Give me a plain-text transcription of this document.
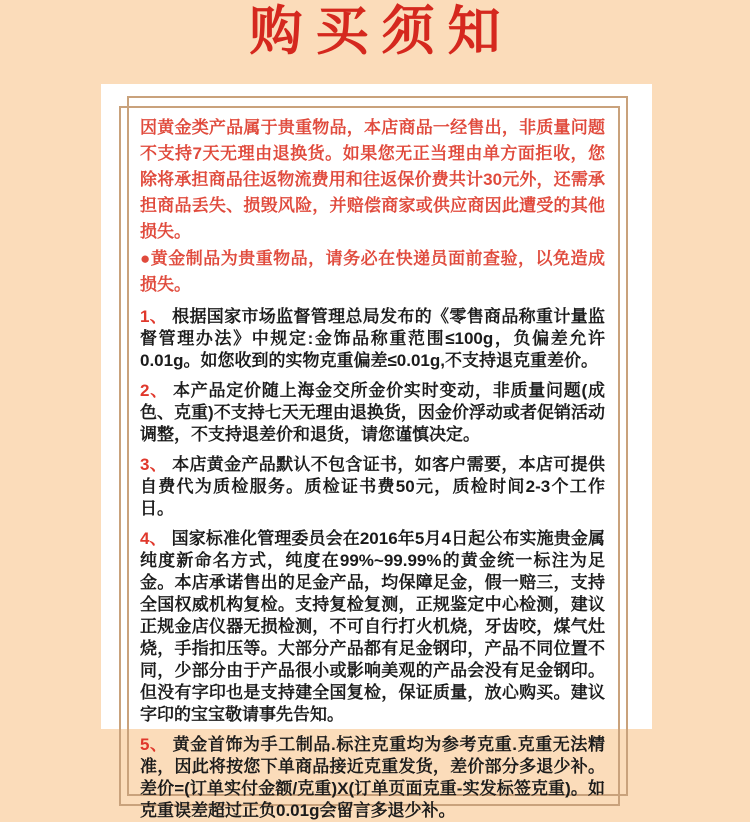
购买须知

因黄金类产品属于贵重物品，本店商品一经售出，非质量问题不支持7天无理由退换货。如果您无正当理由单方面拒收，您除将承担商品往返物流费用和往返保价费共计30元外，还需承担商品丢失、损毁风险，并赔偿商家或供应商因此遭受的其他损失。

●黄金制品为贵重物品，请务必在快递员面前查验，以免造成损失。

1、 根据国家市场监督管理总局发布的《零售商品称重计量监督管理办法》中规定:金饰品称重范围≤100g，负偏差允许0.01g。如您收到的实物克重偏差≤0.01g,不支持退克重差价。

2、 本产品定价随上海金交所金价实时变动，非质量问题(成色、克重)不支持七天无理由退换货，因金价浮动或者促销活动调整，不支持退差价和退货，请您谨慎决定。

3、 本店黄金产品默认不包含证书，如客户需要，本店可提供自费代为质检服务。质检证书费50元，质检时间2-3个工作日。

4、 国家标准化管理委员会在2016年5月4日起公布实施贵金属纯度新命名方式，纯度在99%~99.99%的黄金统一标注为足金。本店承诺售出的足金产品，均保障足金，假一赔三，支持全国权威机构复检。支持复检复测，正规鉴定中心检测，建议正规金店仪器无损检测，不可自行打火机烧，牙齿咬，煤气灶烧，手指扣压等。大部分产品都有足金钢印，产品不同位置不同，少部分由于产品很小或影响美观的产品会没有足金钢印。但没有字印也是支持建全国复检，保证质量，放心购买。建议字印的宝宝敬请事先告知。

5、 黄金首饰为手工制品.标注克重均为参考克重.克重无法精准，因此将按您下单商品接近克重发货，差价部分多退少补。差价=(订单实付金额/克重)X(订单页面克重-实发标签克重)。如克重误差超过正负0.01g会留言多退少补。
